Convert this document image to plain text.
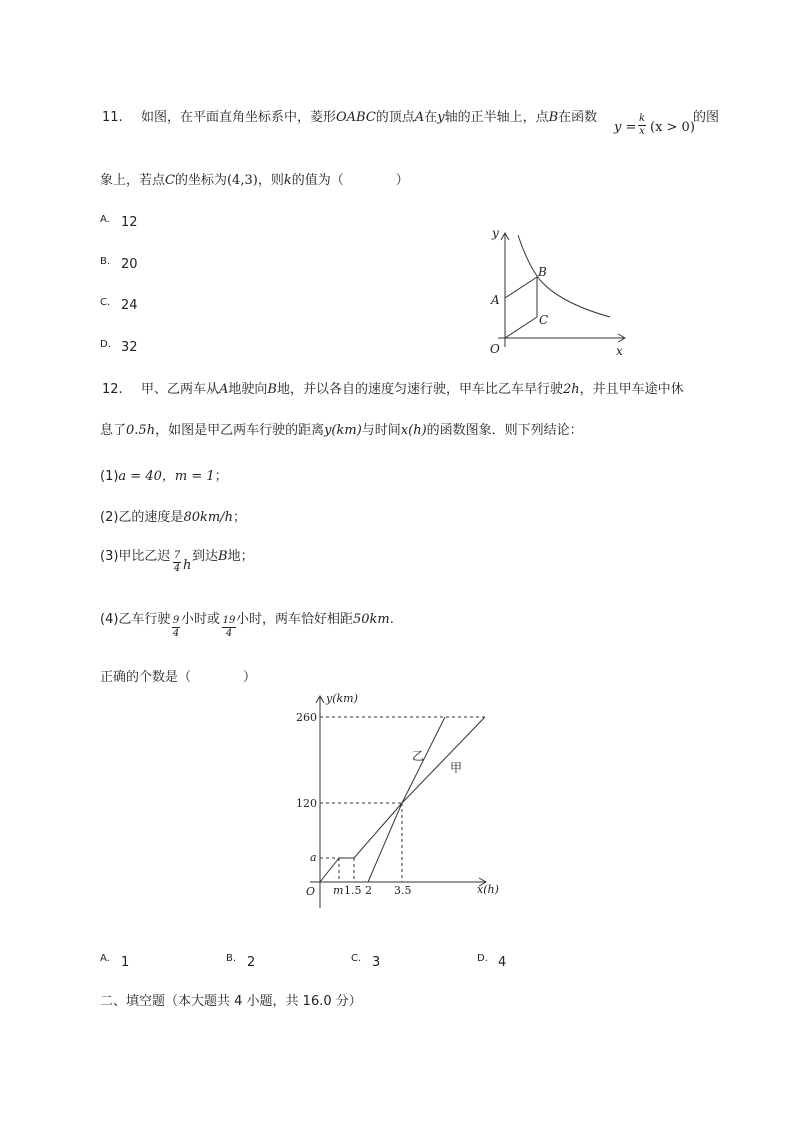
11. 如图，在平面直角坐标系中，菱形OABC的顶点A在y轴的正半轴上，点B在函数
y =
k
x (x > 0)
的图
象上，若点C的坐标为(4,3)，则k的值为（　　　　）
A. 12
B. 20
C. 24
D. 32
y
x
O
A
B
C
12. 甲、乙两车从A地驶向B地，并以各自的速度匀速行驶，甲车比乙车早行驶2h，并且甲车途中休
息了0.5h，如图是甲乙两车行驶的距离y(km)与时间x(h)的函数图象．则下列结论：
(1)a = 40，m = 1；
(2)乙的速度是80km/h；
(3)甲比乙迟 7
4 h
到达B地；
(4)乙车行驶 9
4
小时或 19
4
小时，两车恰好相距50km.
正确的个数是（　　　　）
y(km)
x(h)
O
260
120
a
m 1.5 2 3.5
乙
甲
A. 1	B. 2	C. 3	D. 4
二、填空题（本大题共 4 小题，共 16.0 分）
